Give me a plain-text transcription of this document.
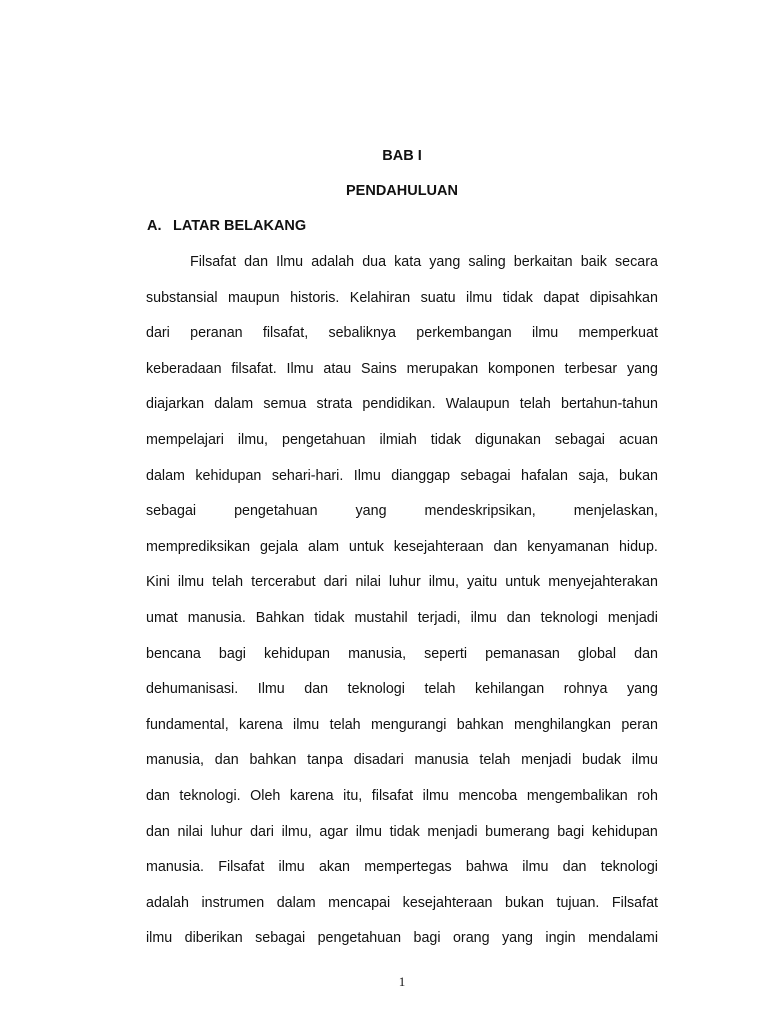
BAB I

PENDAHULUAN

A. LATAR BELAKANG

Filsafat dan Ilmu adalah dua kata yang saling berkaitan baik secara
substansial maupun historis. Kelahiran suatu ilmu tidak dapat dipisahkan
dari peranan filsafat, sebaliknya perkembangan ilmu memperkuat
keberadaan filsafat. Ilmu atau Sains merupakan komponen terbesar yang
diajarkan dalam semua strata pendidikan. Walaupun telah bertahun-tahun
mempelajari ilmu, pengetahuan ilmiah tidak digunakan sebagai acuan
dalam kehidupan sehari-hari. Ilmu dianggap sebagai hafalan saja, bukan
sebagai	pengetahuan	yang	mendeskripsikan,	menjelaskan,
memprediksikan gejala alam untuk kesejahteraan dan kenyamanan hidup.
Kini ilmu telah tercerabut dari nilai luhur ilmu, yaitu untuk menyejahterakan
umat manusia. Bahkan tidak mustahil terjadi, ilmu dan teknologi menjadi
bencana bagi kehidupan manusia, seperti pemanasan global dan
dehumanisasi. Ilmu dan teknologi telah kehilangan rohnya yang
fundamental, karena ilmu telah mengurangi bahkan menghilangkan peran
manusia, dan bahkan tanpa disadari manusia telah menjadi budak ilmu
dan teknologi. Oleh karena itu, filsafat ilmu mencoba mengembalikan roh
dan nilai luhur dari ilmu, agar ilmu tidak menjadi bumerang bagi kehidupan
manusia. Filsafat ilmu akan mempertegas bahwa ilmu dan teknologi
adalah instrumen dalam mencapai kesejahteraan bukan tujuan. Filsafat
ilmu diberikan sebagai pengetahuan bagi orang yang ingin mendalami

1
